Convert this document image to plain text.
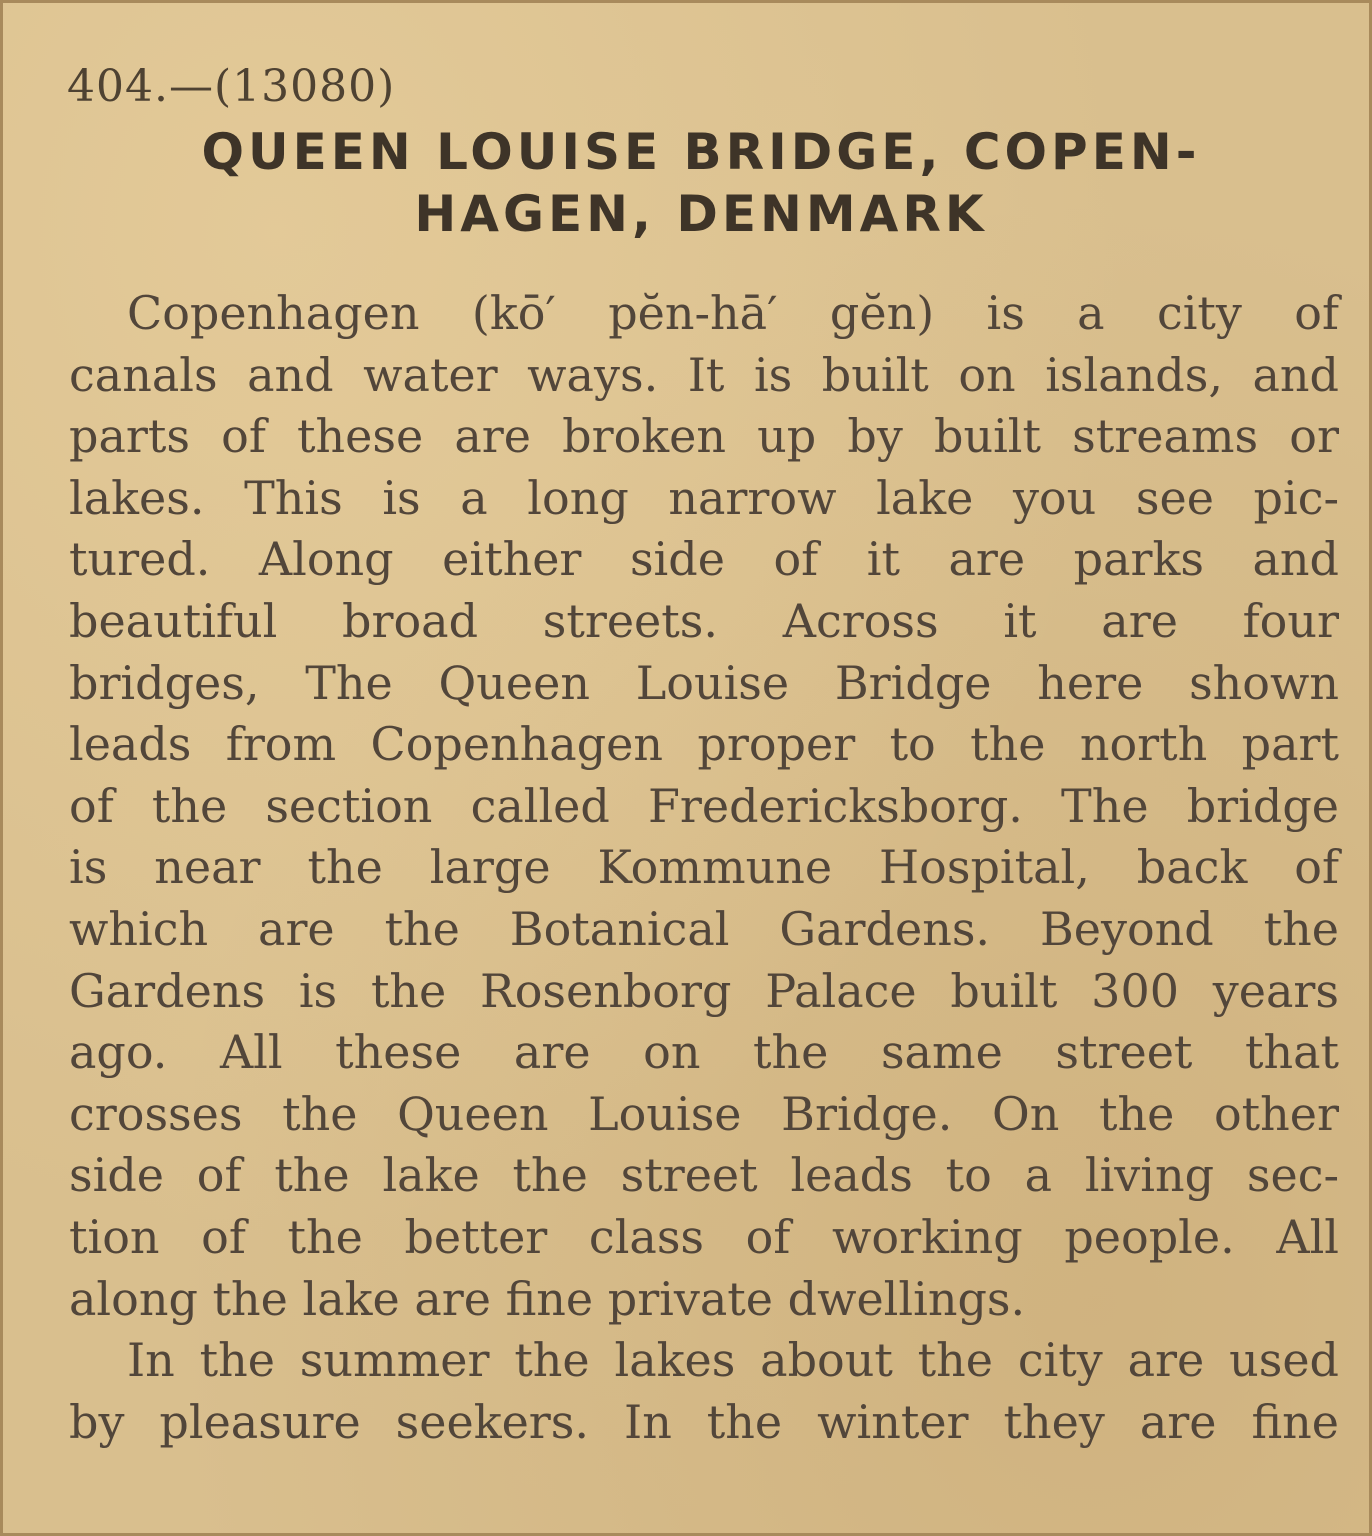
404.—(13080)
QUEEN LOUISE BRIDGE, COPEN-
HAGEN, DENMARK
Copenhagen (kō′ pĕn-hā′ gĕn) is a city of
canals and water ways. It is built on islands, and
parts of these are broken up by built streams or
lakes. This is a long narrow lake you see pic-
tured. Along either side of it are parks and
beautiful broad streets. Across it are four
bridges, The Queen Louise Bridge here shown
leads from Copenhagen proper to the north part
of the section called Fredericksborg. The bridge
is near the large Kommune Hospital, back of
which are the Botanical Gardens. Beyond the
Gardens is the Rosenborg Palace built 300 years
ago. All these are on the same street that
crosses the Queen Louise Bridge. On the other
side of the lake the street leads to a living sec-
tion of the better class of working people. All
along the lake are fine private dwellings.
In the summer the lakes about the city are used
by pleasure seekers. In the winter they are fine
